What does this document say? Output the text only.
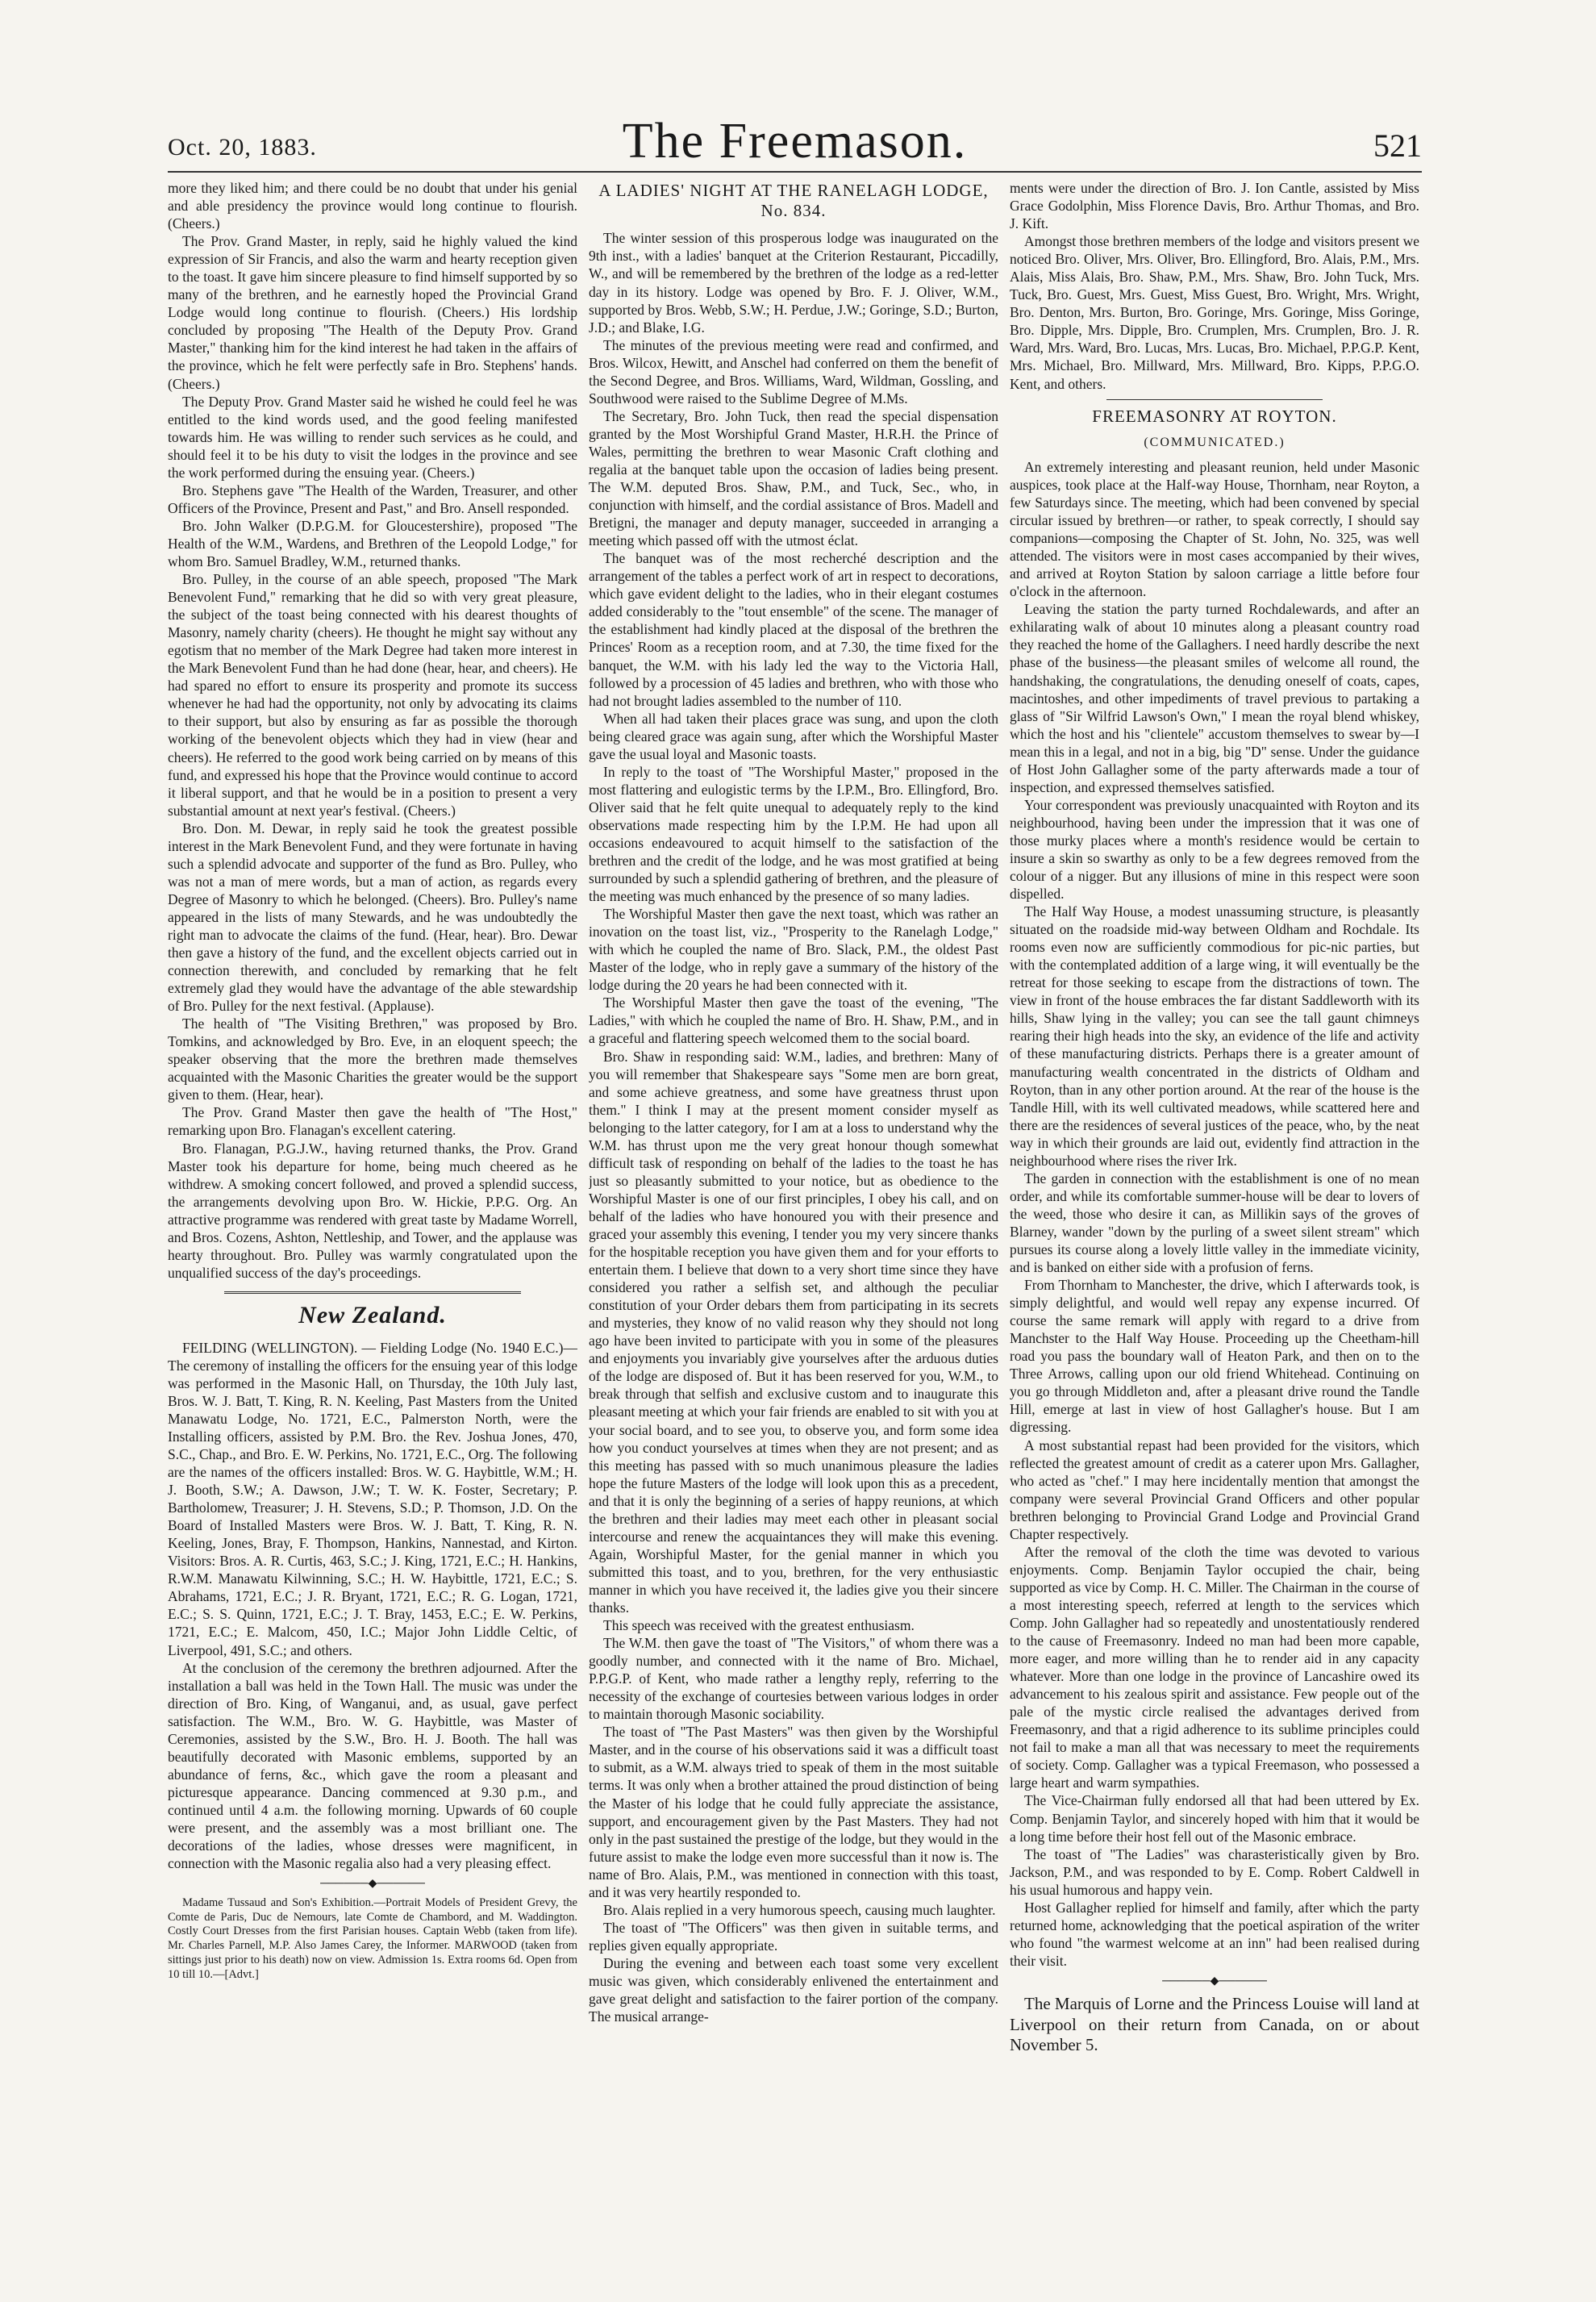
Oct. 20, 1883.	The Freemason.	521

more they liked him; and there could be no doubt that under his genial and able presidency the province would long continue to flourish. (Cheers.)

The Prov. Grand Master, in reply, said he highly valued the kind expression of Sir Francis, and also the warm and hearty reception given to the toast. It gave him sincere pleasure to find himself supported by so many of the brethren, and he earnestly hoped the Provincial Grand Lodge would long continue to flourish. (Cheers.) His lordship concluded by proposing "The Health of the Deputy Prov. Grand Master," thanking him for the kind interest he had taken in the affairs of the province, which he felt were perfectly safe in Bro. Stephens' hands. (Cheers.)

The Deputy Prov. Grand Master said he wished he could feel he was entitled to the kind words used, and the good feeling manifested towards him. He was willing to render such services as he could, and should feel it to be his duty to visit the lodges in the province and see the work performed during the ensuing year. (Cheers.)

Bro. Stephens gave "The Health of the Warden, Treasurer, and other Officers of the Province, Present and Past," and Bro. Ansell responded.

Bro. John Walker (D.P.G.M. for Gloucestershire), proposed "The Health of the W.M., Wardens, and Brethren of the Leopold Lodge," for whom Bro. Samuel Bradley, W.M., returned thanks.

Bro. Pulley, in the course of an able speech, proposed "The Mark Benevolent Fund," remarking that he did so with very great pleasure, the subject of the toast being connected with his dearest thoughts of Masonry, namely charity (cheers). He thought he might say without any egotism that no member of the Mark Degree had taken more interest in the Mark Benevolent Fund than he had done (hear, hear, and cheers). He had spared no effort to ensure its prosperity and promote its success whenever he had had the opportunity, not only by advocating its claims to their support, but also by ensuring as far as possible the thorough working of the benevolent objects which they had in view (hear and cheers). He referred to the good work being carried on by means of this fund, and expressed his hope that the Province would continue to accord it liberal support, and that he would be in a position to present a very substantial amount at next year's festival. (Cheers.)

Bro. Don. M. Dewar, in reply said he took the greatest possible interest in the Mark Benevolent Fund, and they were fortunate in having such a splendid advocate and supporter of the fund as Bro. Pulley, who was not a man of mere words, but a man of action, as regards every Degree of Masonry to which he belonged. (Cheers). Bro. Pulley's name appeared in the lists of many Stewards, and he was undoubtedly the right man to advocate the claims of the fund. (Hear, hear). Bro. Dewar then gave a history of the fund, and the excellent objects carried out in connection therewith, and concluded by remarking that he felt extremely glad they would have the advantage of the able stewardship of Bro. Pulley for the next festival. (Applause).

The health of "The Visiting Brethren," was proposed by Bro. Tomkins, and acknowledged by Bro. Eve, in an eloquent speech; the speaker observing that the more the brethren made themselves acquainted with the Masonic Charities the greater would be the support given to them. (Hear, hear).

The Prov. Grand Master then gave the health of "The Host," remarking upon Bro. Flanagan's excellent catering.

Bro. Flanagan, P.G.J.W., having returned thanks, the Prov. Grand Master took his departure for home, being much cheered as he withdrew. A smoking concert followed, and proved a splendid success, the arrangements devolving upon Bro. W. Hickie, P.P.G. Org. An attractive programme was rendered with great taste by Madame Worrell, and Bros. Cozens, Ashton, Nettleship, and Tower, and the applause was hearty throughout. Bro. Pulley was warmly congratulated upon the unqualified success of the day's proceedings.

New Zealand.

FEILDING (WELLINGTON). — Fielding Lodge (No. 1940 E.C.)—The ceremony of installing the officers for the ensuing year of this lodge was performed in the Masonic Hall, on Thursday, the 10th July last, Bros. W. J. Batt, T. King, R. N. Keeling, Past Masters from the United Manawatu Lodge, No. 1721, E.C., Palmerston North, were the Installing officers, assisted by P.M. Bro. the Rev. Joshua Jones, 470, S.C., Chap., and Bro. E. W. Perkins, No. 1721, E.C., Org. The following are the names of the officers installed: Bros. W. G. Haybittle, W.M.; H. J. Booth, S.W.; A. Dawson, J.W.; T. W. K. Foster, Secretary; P. Bartholomew, Treasurer; J. H. Stevens, S.D.; P. Thomson, J.D. On the Board of Installed Masters were Bros. W. J. Batt, T. King, R. N. Keeling, Jones, Bray, F. Thompson, Hankins, Nannestad, and Kirton. Visitors: Bros. A. R. Curtis, 463, S.C.; J. King, 1721, E.C.; H. Hankins, R.W.M. Manawatu Kilwinning, S.C.; H. W. Haybittle, 1721, E.C.; S. Abrahams, 1721, E.C.; J. R. Bryant, 1721, E.C.; R. G. Logan, 1721, E.C.; S. S. Quinn, 1721, E.C.; J. T. Bray, 1453, E.C.; E. W. Perkins, 1721, E.C.; E. Malcom, 450, I.C.; Major John Liddle Celtic, of Liverpool, 491, S.C.; and others.

At the conclusion of the ceremony the brethren adjourned. After the installation a ball was held in the Town Hall. The music was under the direction of Bro. King, of Wanganui, and, as usual, gave perfect satisfaction. The W.M., Bro. W. G. Haybittle, was Master of Ceremonies, assisted by the S.W., Bro. H. J. Booth. The hall was beautifully decorated with Masonic emblems, supported by an abundance of ferns, &c., which gave the room a pleasant and picturesque appearance. Dancing commenced at 9.30 p.m., and continued until 4 a.m. the following morning. Upwards of 60 couple were present, and the assembly was a most brilliant one. The decorations of the ladies, whose dresses were magnificent, in connection with the Masonic regalia also had a very pleasing effect.

──────◆──────

Madame Tussaud and Son's Exhibition.—Portrait Models of President Grevy, the Comte de Paris, Duc de Nemours, late Comte de Chambord, and M. Waddington. Costly Court Dresses from the first Parisian houses. Captain Webb (taken from life). Mr. Charles Parnell, M.P. Also James Carey, the Informer. MARWOOD (taken from sittings just prior to his death) now on view. Admission 1s. Extra rooms 6d. Open from 10 till 10.—[Advt.]

A LADIES' NIGHT AT THE RANELAGH LODGE, No. 834.

The winter session of this prosperous lodge was inaugurated on the 9th inst., with a ladies' banquet at the Criterion Restaurant, Piccadilly, W., and will be remembered by the brethren of the lodge as a red-letter day in its history. Lodge was opened by Bro. F. J. Oliver, W.M., supported by Bros. Webb, S.W.; H. Perdue, J.W.; Goringe, S.D.; Burton, J.D.; and Blake, I.G.

The minutes of the previous meeting were read and confirmed, and Bros. Wilcox, Hewitt, and Anschel had conferred on them the benefit of the Second Degree, and Bros. Williams, Ward, Wildman, Gossling, and Southwood were raised to the Sublime Degree of M.Ms.

The Secretary, Bro. John Tuck, then read the special dispensation granted by the Most Worshipful Grand Master, H.R.H. the Prince of Wales, permitting the brethren to wear Masonic Craft clothing and regalia at the banquet table upon the occasion of ladies being present. The W.M. deputed Bros. Shaw, P.M., and Tuck, Sec., who, in conjunction with himself, and the cordial assistance of Bros. Madell and Bretigni, the manager and deputy manager, succeeded in arranging a meeting which passed off with the utmost éclat.

The banquet was of the most recherché description and the arrangement of the tables a perfect work of art in respect to decorations, which gave evident delight to the ladies, who in their elegant costumes added considerably to the "tout ensemble" of the scene. The manager of the establishment had kindly placed at the disposal of the brethren the Princes' Room as a reception room, and at 7.30, the time fixed for the banquet, the W.M. with his lady led the way to the Victoria Hall, followed by a procession of 45 ladies and brethren, who with those who had not brought ladies assembled to the number of 110.

When all had taken their places grace was sung, and upon the cloth being cleared grace was again sung, after which the Worshipful Master gave the usual loyal and Masonic toasts.

In reply to the toast of "The Worshipful Master," proposed in the most flattering and eulogistic terms by the I.P.M., Bro. Ellingford, Bro. Oliver said that he felt quite unequal to adequately reply to the kind observations made respecting him by the I.P.M. He had upon all occasions endeavoured to acquit himself to the satisfaction of the brethren and the credit of the lodge, and he was most gratified at being surrounded by such a splendid gathering of brethren, and the pleasure of the meeting was much enhanced by the presence of so many ladies.

The Worshipful Master then gave the next toast, which was rather an inovation on the toast list, viz., "Prosperity to the Ranelagh Lodge," with which he coupled the name of Bro. Slack, P.M., the oldest Past Master of the lodge, who in reply gave a summary of the history of the lodge during the 20 years he had been connected with it.

The Worshipful Master then gave the toast of the evening, "The Ladies," with which he coupled the name of Bro. H. Shaw, P.M., and in a graceful and flattering speech welcomed them to the social board.

Bro. Shaw in responding said: W.M., ladies, and brethren: Many of you will remember that Shakespeare says "Some men are born great, and some achieve greatness, and some have greatness thrust upon them." I think I may at the present moment consider myself as belonging to the latter category, for I am at a loss to understand why the W.M. has thrust upon me the very great honour though somewhat difficult task of responding on behalf of the ladies to the toast he has just so pleasantly submitted to your notice, but as obedience to the Worshipful Master is one of our first principles, I obey his call, and on behalf of the ladies who have honoured you with their presence and graced your assembly this evening, I tender you my very sincere thanks for the hospitable reception you have given them and for your efforts to entertain them. I believe that down to a very short time since they have considered you rather a selfish set, and although the peculiar constitution of your Order debars them from participating in its secrets and mysteries, they know of no valid reason why they should not long ago have been invited to participate with you in some of the pleasures and enjoyments you invariably give yourselves after the arduous duties of the lodge are disposed of. But it has been reserved for you, W.M., to break through that selfish and exclusive custom and to inaugurate this pleasant meeting at which your fair friends are enabled to sit with you at your social board, and to see you, to observe you, and form some idea how you conduct yourselves at times when they are not present; and as this meeting has passed with so much unanimous pleasure the ladies hope the future Masters of the lodge will look upon this as a precedent, and that it is only the beginning of a series of happy reunions, at which the brethren and their ladies may meet each other in pleasant social intercourse and renew the acquaintances they will make this evening. Again, Worshipful Master, for the genial manner in which you submitted this toast, and to you, brethren, for the very enthusiastic manner in which you have received it, the ladies give you their sincere thanks.

This speech was received with the greatest enthusiasm.

The W.M. then gave the toast of "The Visitors," of whom there was a goodly number, and connected with it the name of Bro. Michael, P.P.G.P. of Kent, who made rather a lengthy reply, referring to the necessity of the exchange of courtesies between various lodges in order to maintain thorough Masonic sociability.

The toast of "The Past Masters" was then given by the Worshipful Master, and in the course of his observations said it was a difficult toast to submit, as a W.M. always tried to speak of them in the most suitable terms. It was only when a brother attained the proud distinction of being the Master of his lodge that he could fully appreciate the assistance, support, and encouragement given by the Past Masters. They had not only in the past sustained the prestige of the lodge, but they would in the future assist to make the lodge even more successful than it now is. The name of Bro. Alais, P.M., was mentioned in connection with this toast, and it was very heartily responded to.

Bro. Alais replied in a very humorous speech, causing much laughter.

The toast of "The Officers" was then given in suitable terms, and replies given equally appropriate.

During the evening and between each toast some very excellent music was given, which considerably enlivened the entertainment and gave great delight and satisfaction to the fairer portion of the company. The musical arrange-

ments were under the direction of Bro. J. Ion Cantle, assisted by Miss Grace Godolphin, Miss Florence Davis, Bro. Arthur Thomas, and Bro. J. Kift.

Amongst those brethren members of the lodge and visitors present we noticed Bro. Oliver, Mrs. Oliver, Bro. Ellingford, Bro. Alais, P.M., Mrs. Alais, Miss Alais, Bro. Shaw, P.M., Mrs. Shaw, Bro. John Tuck, Mrs. Tuck, Bro. Guest, Mrs. Guest, Miss Guest, Bro. Wright, Mrs. Wright, Bro. Denton, Mrs. Burton, Bro. Goringe, Mrs. Goringe, Miss Goringe, Bro. Dipple, Mrs. Dipple, Bro. Crumplen, Mrs. Crumplen, Bro. J. R. Ward, Mrs. Ward, Bro. Lucas, Mrs. Lucas, Bro. Michael, P.P.G.P. Kent, Mrs. Michael, Bro. Millward, Mrs. Millward, Bro. Kipps, P.P.G.O. Kent, and others.

FREEMASONRY AT ROYTON.
(COMMUNICATED.)

An extremely interesting and pleasant reunion, held under Masonic auspices, took place at the Half-way House, Thornham, near Royton, a few Saturdays since. The meeting, which had been convened by special circular issued by brethren—or rather, to speak correctly, I should say companions—composing the Chapter of St. John, No. 325, was well attended. The visitors were in most cases accompanied by their wives, and arrived at Royton Station by saloon carriage a little before four o'clock in the afternoon.

Leaving the station the party turned Rochdalewards, and after an exhilarating walk of about 10 minutes along a pleasant country road they reached the home of the Gallaghers. I need hardly describe the next phase of the business—the pleasant smiles of welcome all round, the handshaking, the congratulations, the denuding oneself of coats, capes, macintoshes, and other impediments of travel previous to partaking a glass of "Sir Wilfrid Lawson's Own," I mean the royal blend whiskey, which the host and his "clientele" accustom themselves to swear by—I mean this in a legal, and not in a big, big "D" sense. Under the guidance of Host John Gallagher some of the party afterwards made a tour of inspection, and expressed themselves satisfied.

Your correspondent was previously unacquainted with Royton and its neighbourhood, having been under the impression that it was one of those murky places where a month's residence would be certain to insure a skin so swarthy as only to be a few degrees removed from the colour of a nigger. But any illusions of mine in this respect were soon dispelled.

The Half Way House, a modest unassuming structure, is pleasantly situated on the roadside mid-way between Oldham and Rochdale. Its rooms even now are sufficiently commodious for pic-nic parties, but with the contemplated addition of a large wing, it will eventually be the retreat for those seeking to escape from the distractions of town. The view in front of the house embraces the far distant Saddleworth with its hills, Shaw lying in the valley; you can see the tall gaunt chimneys rearing their high heads into the sky, an evidence of the life and activity of these manufacturing districts. Perhaps there is a greater amount of manufacturing wealth concentrated in the districts of Oldham and Royton, than in any other portion around. At the rear of the house is the Tandle Hill, with its well cultivated meadows, while scattered here and there are the residences of several justices of the peace, who, by the neat way in which their grounds are laid out, evidently find attraction in the neighbourhood where rises the river Irk.

The garden in connection with the establishment is one of no mean order, and while its comfortable summer-house will be dear to lovers of the weed, those who desire it can, as Millikin says of the groves of Blarney, wander "down by the purling of a sweet silent stream" which pursues its course along a lovely little valley in the immediate vicinity, and is banked on either side with a profusion of ferns.

From Thornham to Manchester, the drive, which I afterwards took, is simply delightful, and would well repay any expense incurred. Of course the same remark will apply with regard to a drive from Manchster to the Half Way House. Proceeding up the Cheetham-hill road you pass the boundary wall of Heaton Park, and then on to the Three Arrows, calling upon our old friend Whitehead. Continuing on you go through Middleton and, after a pleasant drive round the Tandle Hill, emerge at last in view of host Gallagher's house. But I am digressing.

A most substantial repast had been provided for the visitors, which reflected the greatest amount of credit as a caterer upon Mrs. Gallagher, who acted as "chef." I may here incidentally mention that amongst the company were several Provincial Grand Officers and other popular brethren belonging to Provincial Grand Lodge and Provincial Grand Chapter respectively.

After the removal of the cloth the time was devoted to various enjoyments. Comp. Benjamin Taylor occupied the chair, being supported as vice by Comp. H. C. Miller. The Chairman in the course of a most interesting speech, referred at length to the services which Comp. John Gallagher had so repeatedly and unostentatiously rendered to the cause of Freemasonry. Indeed no man had been more capable, more eager, and more willing than he to render aid in any capacity whatever. More than one lodge in the province of Lancashire owed its advancement to his zealous spirit and assistance. Few people out of the pale of the mystic circle realised the advantages derived from Freemasonry, and that a rigid adherence to its sublime principles could not fail to make a man all that was necessary to meet the requirements of society. Comp. Gallagher was a typical Freemason, who possessed a large heart and warm sympathies.

The Vice-Chairman fully endorsed all that had been uttered by Ex. Comp. Benjamin Taylor, and sincerely hoped with him that it would be a long time before their host fell out of the Masonic embrace.

The toast of "The Ladies" was charasteristically given by Bro. Jackson, P.M., and was responded to by E. Comp. Robert Caldwell in his usual humorous and happy vein.

Host Gallagher replied for himself and family, after which the party returned home, acknowledging that the poetical aspiration of the writer who found "the warmest welcome at an inn" had been realised during their visit.

──────◆──────

The Marquis of Lorne and the Princess Louise will land at Liverpool on their return from Canada, on or about November 5.
